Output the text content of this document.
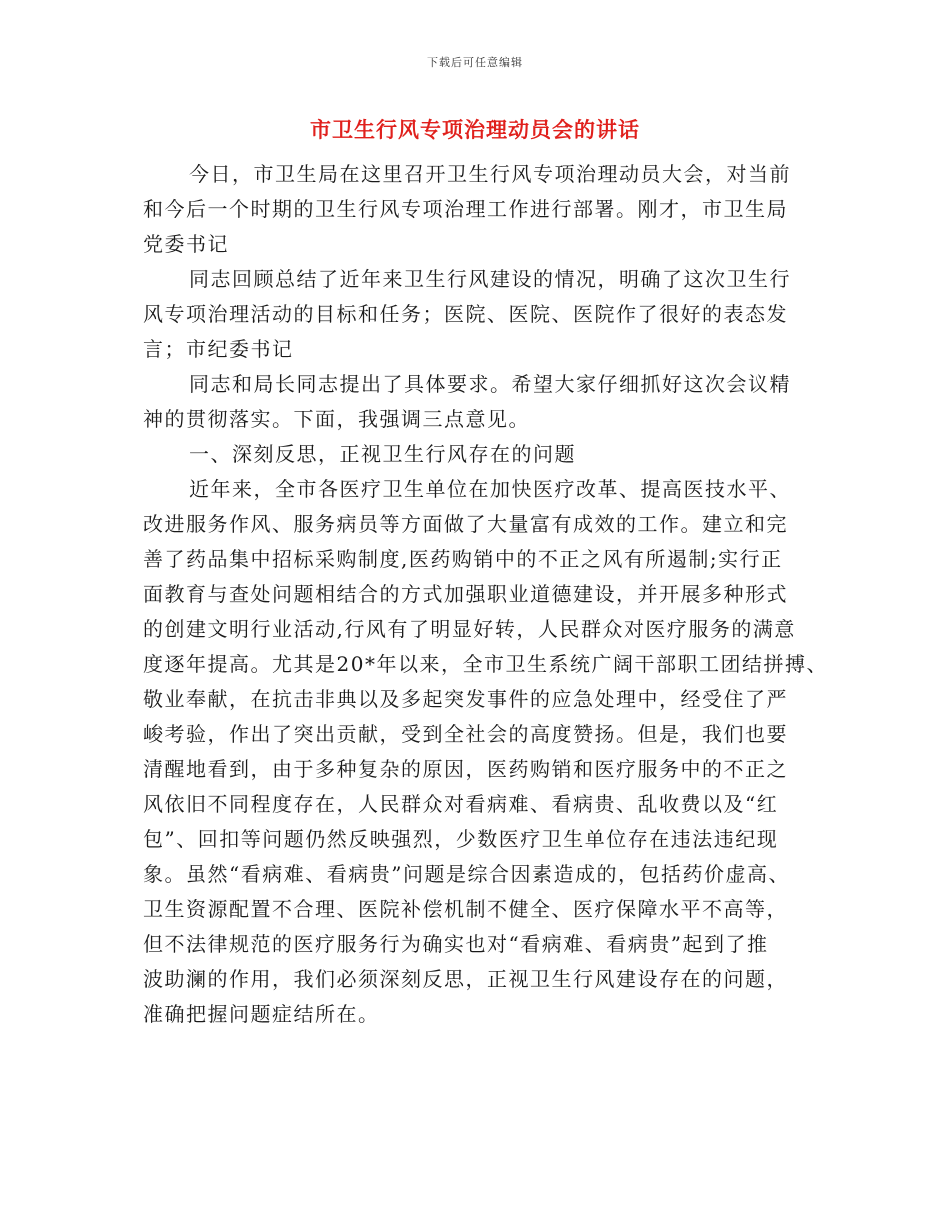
下载后可任意编辑
市卫生行风专项治理动员会的讲话
今日，市卫生局在这里召开卫生行风专项治理动员大会，对当前
和今后一个时期的卫生行风专项治理工作进行部署。刚才，市卫生局
党委书记
同志回顾总结了近年来卫生行风建设的情况，明确了这次卫生行
风专项治理活动的目标和任务；医院、医院、医院作了很好的表态发
言；市纪委书记
同志和局长同志提出了具体要求。希望大家仔细抓好这次会议精
神的贯彻落实。下面，我强调三点意见。
一、深刻反思，正视卫生行风存在的问题
近年来，全市各医疗卫生单位在加快医疗改革、提高医技水平、
改进服务作风、服务病员等方面做了大量富有成效的工作。建立和完
善了药品集中招标采购制度,医药购销中的不正之风有所遏制;实行正
面教育与查处问题相结合的方式加强职业道德建设，并开展多种形式
的创建文明行业活动,行风有了明显好转，人民群众对医疗服务的满意
度逐年提高。尤其是20*年以来，全市卫生系统广阔干部职工团结拼搏、
敬业奉献，在抗击非典以及多起突发事件的应急处理中，经受住了严
峻考验，作出了突出贡献，受到全社会的高度赞扬。但是，我们也要
清醒地看到，由于多种复杂的原因，医药购销和医疗服务中的不正之
风依旧不同程度存在，人民群众对看病难、看病贵、乱收费以及“红
包”、回扣等问题仍然反映强烈，少数医疗卫生单位存在违法违纪现
象。虽然“看病难、看病贵”问题是综合因素造成的，包括药价虚高、
卫生资源配置不合理、医院补偿机制不健全、医疗保障水平不高等，
但不法律规范的医疗服务行为确实也对“看病难、看病贵”起到了推
波助澜的作用，我们必须深刻反思，正视卫生行风建设存在的问题，
准确把握问题症结所在。
